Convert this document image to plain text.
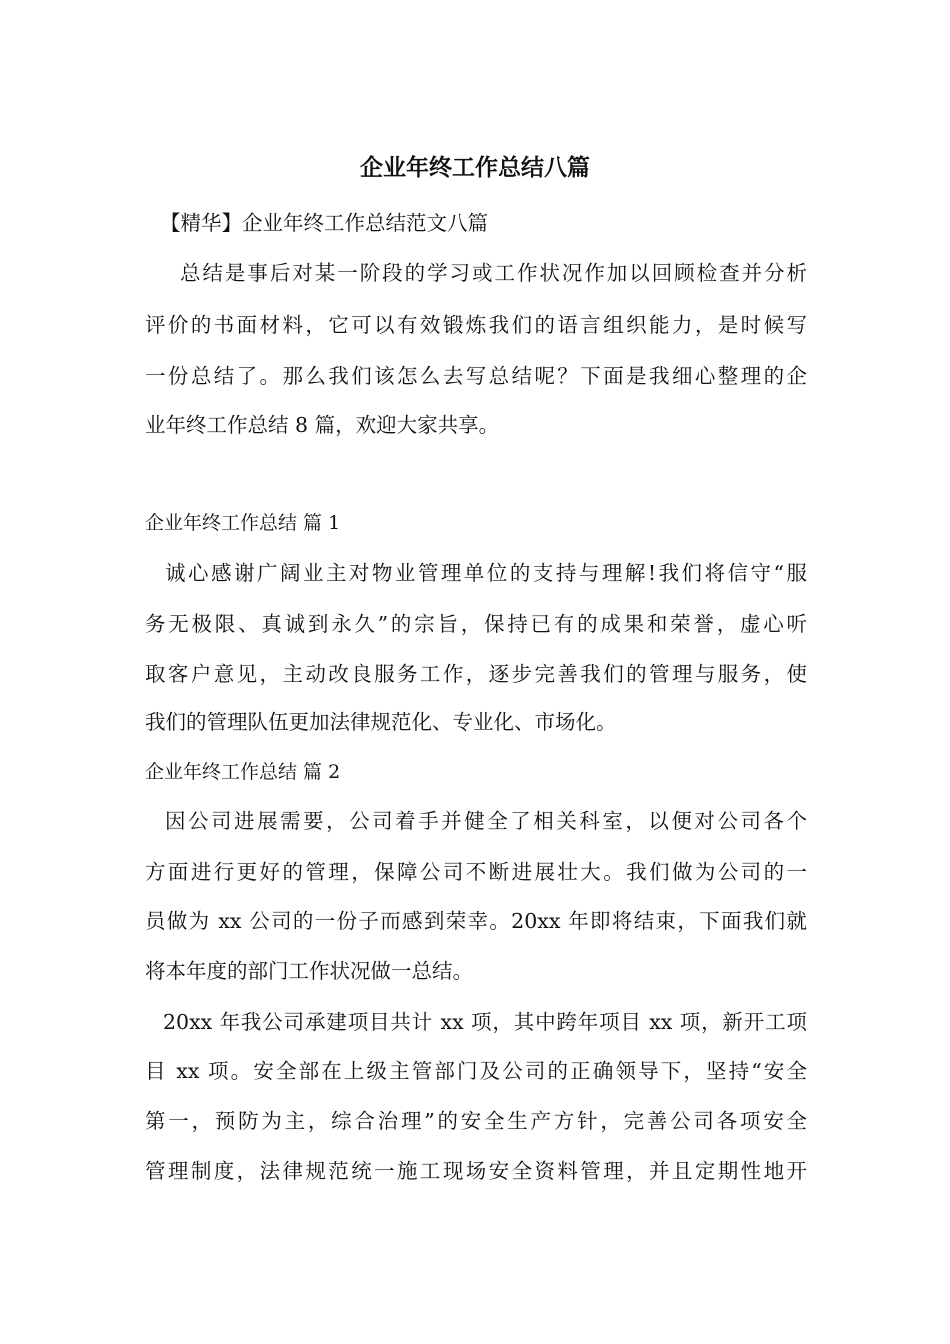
企业年终工作总结八篇

【精华】企业年终工作总结范文八篇

总结是事后对某一阶段的学习或工作状况作加以回顾检查并分析

评价的书面材料，它可以有效锻炼我们的语言组织能力，是时候写

一份总结了。那么我们该怎么去写总结呢？下面是我细心整理的企

业年终工作总结 8 篇，欢迎大家共享。

企业年终工作总结 篇 1

诚心感谢广阔业主对物业管理单位的支持与理解!我们将信守“服

务无极限、真诚到永久”的宗旨，保持已有的成果和荣誉，虚心听

取客户意见，主动改良服务工作，逐步完善我们的管理与服务，使

我们的管理队伍更加法律规范化、专业化、市场化。

企业年终工作总结 篇 2

因公司进展需要，公司着手并健全了相关科室，以便对公司各个

方面进行更好的管理，保障公司不断进展壮大。我们做为公司的一

员做为 xx 公司的一份子而感到荣幸。20xx 年即将结束，下面我们就

将本年度的部门工作状况做一总结。

20xx 年我公司承建项目共计 xx 项，其中跨年项目 xx 项，新开工项

目 xx 项。安全部在上级主管部门及公司的正确领导下，坚持“安全

第一，预防为主，综合治理”的安全生产方针，完善公司各项安全

管理制度，法律规范统一施工现场安全资料管理，并且定期性地开
